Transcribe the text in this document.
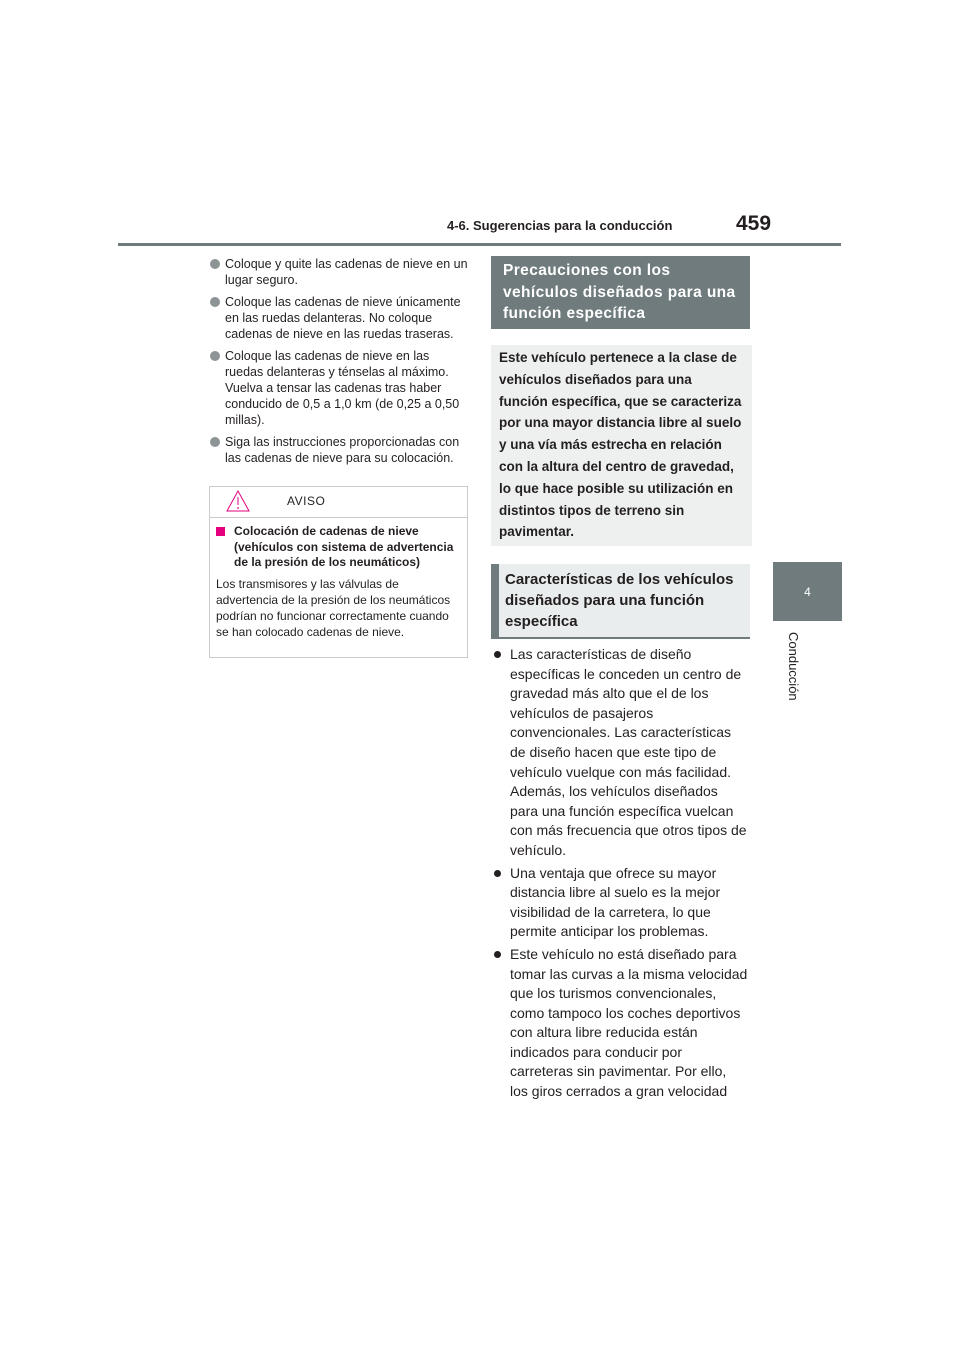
4-6. Sugerencias para la conducción	459
4
Conducción
Coloque y quite las cadenas de nieve en un lugar seguro.
Coloque las cadenas de nieve únicamente en las ruedas delanteras. No coloque cadenas de nieve en las ruedas traseras.
Coloque las cadenas de nieve en las ruedas delanteras y ténselas al máximo. Vuelva a tensar las cadenas tras haber conducido de 0,5 a 1,0 km (de 0,25 a 0,50 millas).
Siga las instrucciones proporcionadas con las cadenas de nieve para su colocación.
AVISO
Colocación de cadenas de nieve (vehículos con sistema de advertencia de la presión de los neumáticos)
Los transmisores y las válvulas de advertencia de la presión de los neumáticos podrían no funcionar correctamente cuando se han colocado cadenas de nieve.
Precauciones con los vehículos diseñados para una función específica
Este vehículo pertenece a la clase de vehículos diseñados para una función específica, que se caracteriza por una mayor distancia libre al suelo y una vía más estrecha en relación con la altura del centro de gravedad, lo que hace posible su utilización en distintos tipos de terreno sin pavimentar.
Características de los vehículos diseñados para una función específica
Las características de diseño específicas le conceden un centro de gravedad más alto que el de los vehículos de pasajeros convencionales. Las características de diseño hacen que este tipo de vehículo vuelque con más facilidad. Además, los vehículos diseñados para una función específica vuelcan con más frecuencia que otros tipos de vehículo.
Una ventaja que ofrece su mayor distancia libre al suelo es la mejor visibilidad de la carretera, lo que permite anticipar los problemas.
Este vehículo no está diseñado para tomar las curvas a la misma velocidad que los turismos convencionales, como tampoco los coches deportivos con altura libre reducida están indicados para conducir por carreteras sin pavimentar. Por ello, los giros cerrados a gran velocidad
